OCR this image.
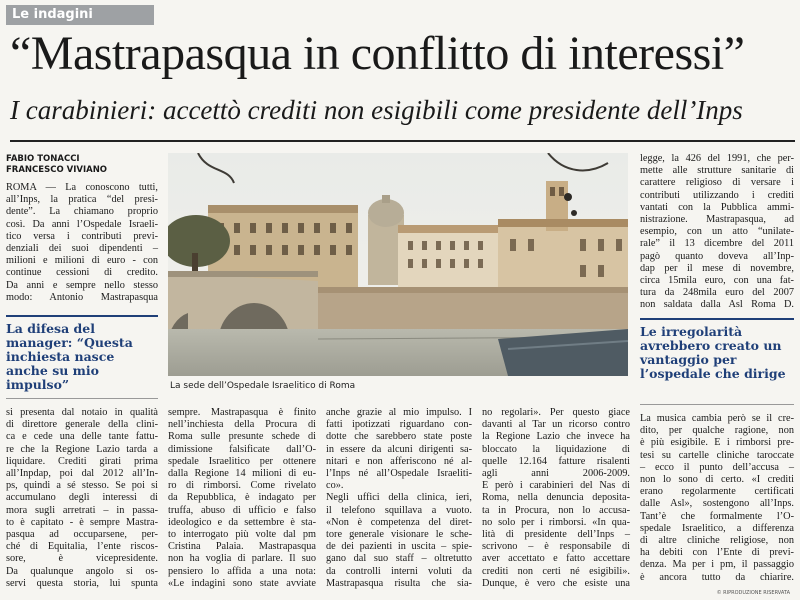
Le indagini
“Mastrapasqua in conflitto di interessi”
I carabinieri: accettò crediti non esigibili come presidente dell’Inps
FABIO TONACCI
FRANCESCO VIVIANO
ROMA — La conoscono tutti,
all’Inps, la pratica “del presi-
dente”. La chiamano proprio
così. Da anni l’Ospedale Israeli-
tico versa i contributi previ-
denziali dei suoi dipendenti –
milioni e milioni di euro - con
continue cessioni di credito.
Da anni e sempre nello stesso
modo: Antonio Mastrapasqua
La difesa del manager: “Questa inchiesta nasce anche su mio impulso”	La sede dell’Ospedale Israelitico di Roma
legge, la 426 del 1991, che per-
mette alle strutture sanitarie di
carattere religioso di versare i
contributi utilizzando i crediti
vantati con la Pubblica ammi-
nistrazione. Mastrapasqua, ad
esempio, con un atto “unilate-
rale” il 13 dicembre del 2011
pagò quanto doveva all’Inp-
dap per il mese di novembre,
circa 15mila euro, con una fat-
tura da 248mila euro del 2007
non saldata dalla Asl Roma D.
Le irregolarità avrebbero creato un vantaggio per l’ospedale che dirige
si presenta dal notaio in qualità
di direttore generale della clini-
ca e cede una delle tante fattu-
re che la Regione Lazio tarda a
liquidare. Crediti girati prima
all’Inpdap, poi dal 2012 all’In-
ps, quindi a sé stesso. Se poi si
accumulano degli interessi di
mora sugli arretrati – in passa-
to è capitato - è sempre Mastra-
pasqua ad occuparsene, per-
ché di Equitalia, l’ente riscos-
sore, è vicepresidente.
Da qualunque angolo si os-
servi questa storia, lui spunta
sempre. Mastrapasqua è finito
nell’inchiesta della Procura di
Roma sulle presunte schede di
dimissione falsificate dall’O-
spedale Israelitico per ottenere
dalla Regione 14 milioni di eu-
ro di rimborsi. Come rivelato
da Repubblica, è indagato per
truffa, abuso di ufficio e falso
ideologico e da settembre è sta-
to interrogato più volte dal pm
Cristina Palaia. Mastrapasqua
non ha voglia di parlare. Il suo
pensiero lo affida a una nota:
«Le indagini sono state avviate
anche grazie al mio impulso. I
fatti ipotizzati riguardano con-
dotte che sarebbero state poste
in essere da alcuni dirigenti sa-
nitari e non afferiscono né al-
l’Inps né all’Ospedale Israeliti-
co».
Negli uffici della clinica, ieri,
il telefono squillava a vuoto.
«Non è competenza del diret-
tore generale visionare le sche-
de dei pazienti in uscita – spie-
gano dal suo staff – oltretutto
da controlli interni voluti da
Mastrapasqua risulta che sia-
no regolari». Per questo giace
davanti al Tar un ricorso contro
la Regione Lazio che invece ha
bloccato la liquidazione di
quelle 12.164 fatture risalenti
agli anni 2006-2009.
E però i carabinieri del Nas di
Roma, nella denuncia deposita-
ta in Procura, non lo accusa-
no solo per i rimborsi. «In qua-
lità di presidente dell’Inps –
scrivono – è responsabile di
aver accettato e fatto accettare
crediti non certi né esigibili».
Dunque, è vero che esiste una
La musica cambia però se il cre-
dito, per qualche ragione, non
è più esigibile. E i rimborsi pre-
tesi su cartelle cliniche taroccate
– ecco il punto dell’accusa –
non lo sono di certo. «I crediti
erano regolarmente certificati
dalle Asl», sostengono all’Inps.
Tant’è che formalmente l’O-
spedale Israelitico, a differenza
di altre cliniche religiose, non
ha debiti con l’Ente di previ-
denza. Ma per i pm, il passaggio
è ancora tutto da chiarire.
© RIPRODUZIONE RISERVATA
